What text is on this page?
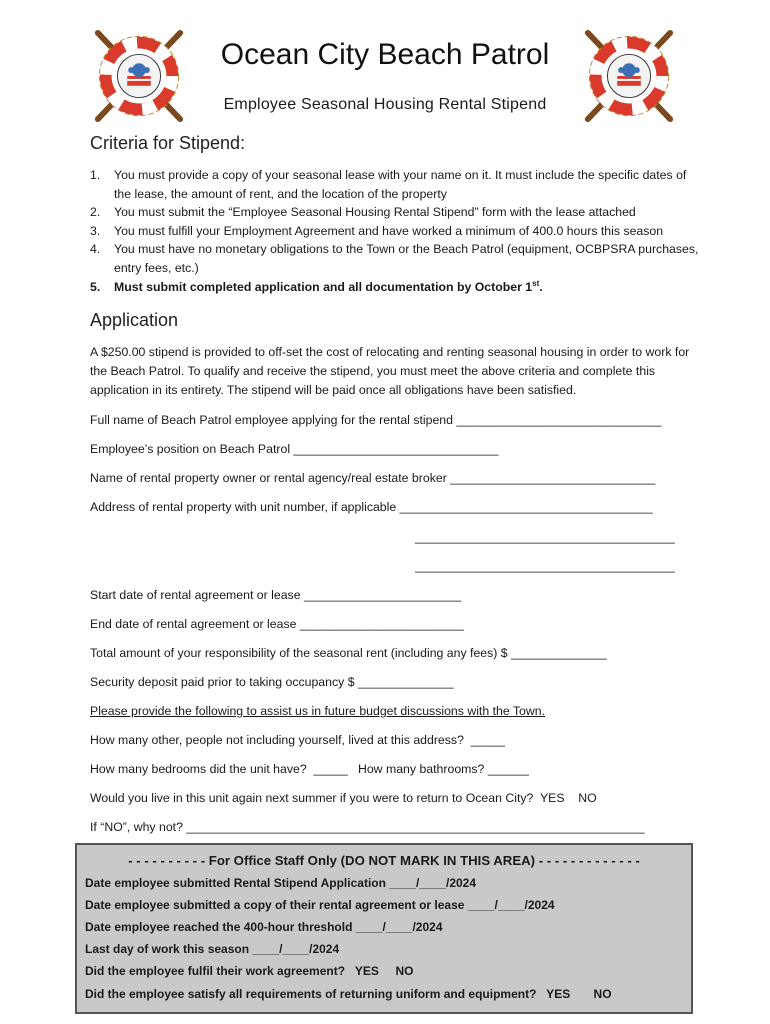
Ocean City Beach Patrol
Employee Seasonal Housing Rental Stipend
Criteria for Stipend:
1. You must provide a copy of your seasonal lease with your name on it. It must include the specific dates of the lease, the amount of rent, and the location of the property
2. You must submit the “Employee Seasonal Housing Rental Stipend” form with the lease attached
3. You must fulfill your Employment Agreement and have worked a minimum of 400.0 hours this season
4. You must have no monetary obligations to the Town or the Beach Patrol (equipment, OCBPSRA purchases, entry fees, etc.)
5. Must submit completed application and all documentation by October 1st.
Application
A $250.00 stipend is provided to off-set the cost of relocating and renting seasonal housing in order to work for the Beach Patrol. To qualify and receive the stipend, you must meet the above criteria and complete this application in its entirety. The stipend will be paid once all obligations have been satisfied.
Full name of Beach Patrol employee applying for the rental stipend ______________________________
Employee’s position on Beach Patrol ______________________________
Name of rental property owner or rental agency/real estate broker ______________________________
Address of rental property with unit number, if applicable _____________________________________
______________________________________
______________________________________
Start date of rental agreement or lease _______________________
End date of rental agreement or lease ________________________
Total amount of your responsibility of the seasonal rent (including any fees) $ ______________
Security deposit paid prior to taking occupancy $ ______________
Please provide the following to assist us in future budget discussions with the Town.
How many other, people not including yourself, lived at this address?  _____
How many bedrooms did the unit have?  _____   How many bathrooms? ______
Would you live in this unit again next summer if you were to return to Ocean City?  YES    NO
If “NO”, why not? ___________________________________________________________________
- - - - - - - - - - For Office Staff Only (DO NOT MARK IN THIS AREA) - - - - - - - - - - - - -
Date employee submitted Rental Stipend Application ____/____/2024
Date employee submitted a copy of their rental agreement or lease ____/____/2024
Date employee reached the 400-hour threshold ____/____/2024
Last day of work this season ____/____/2024
Did the employee fulfil their work agreement?   YES     NO
Did the employee satisfy all requirements of returning uniform and equipment?   YES       NO
